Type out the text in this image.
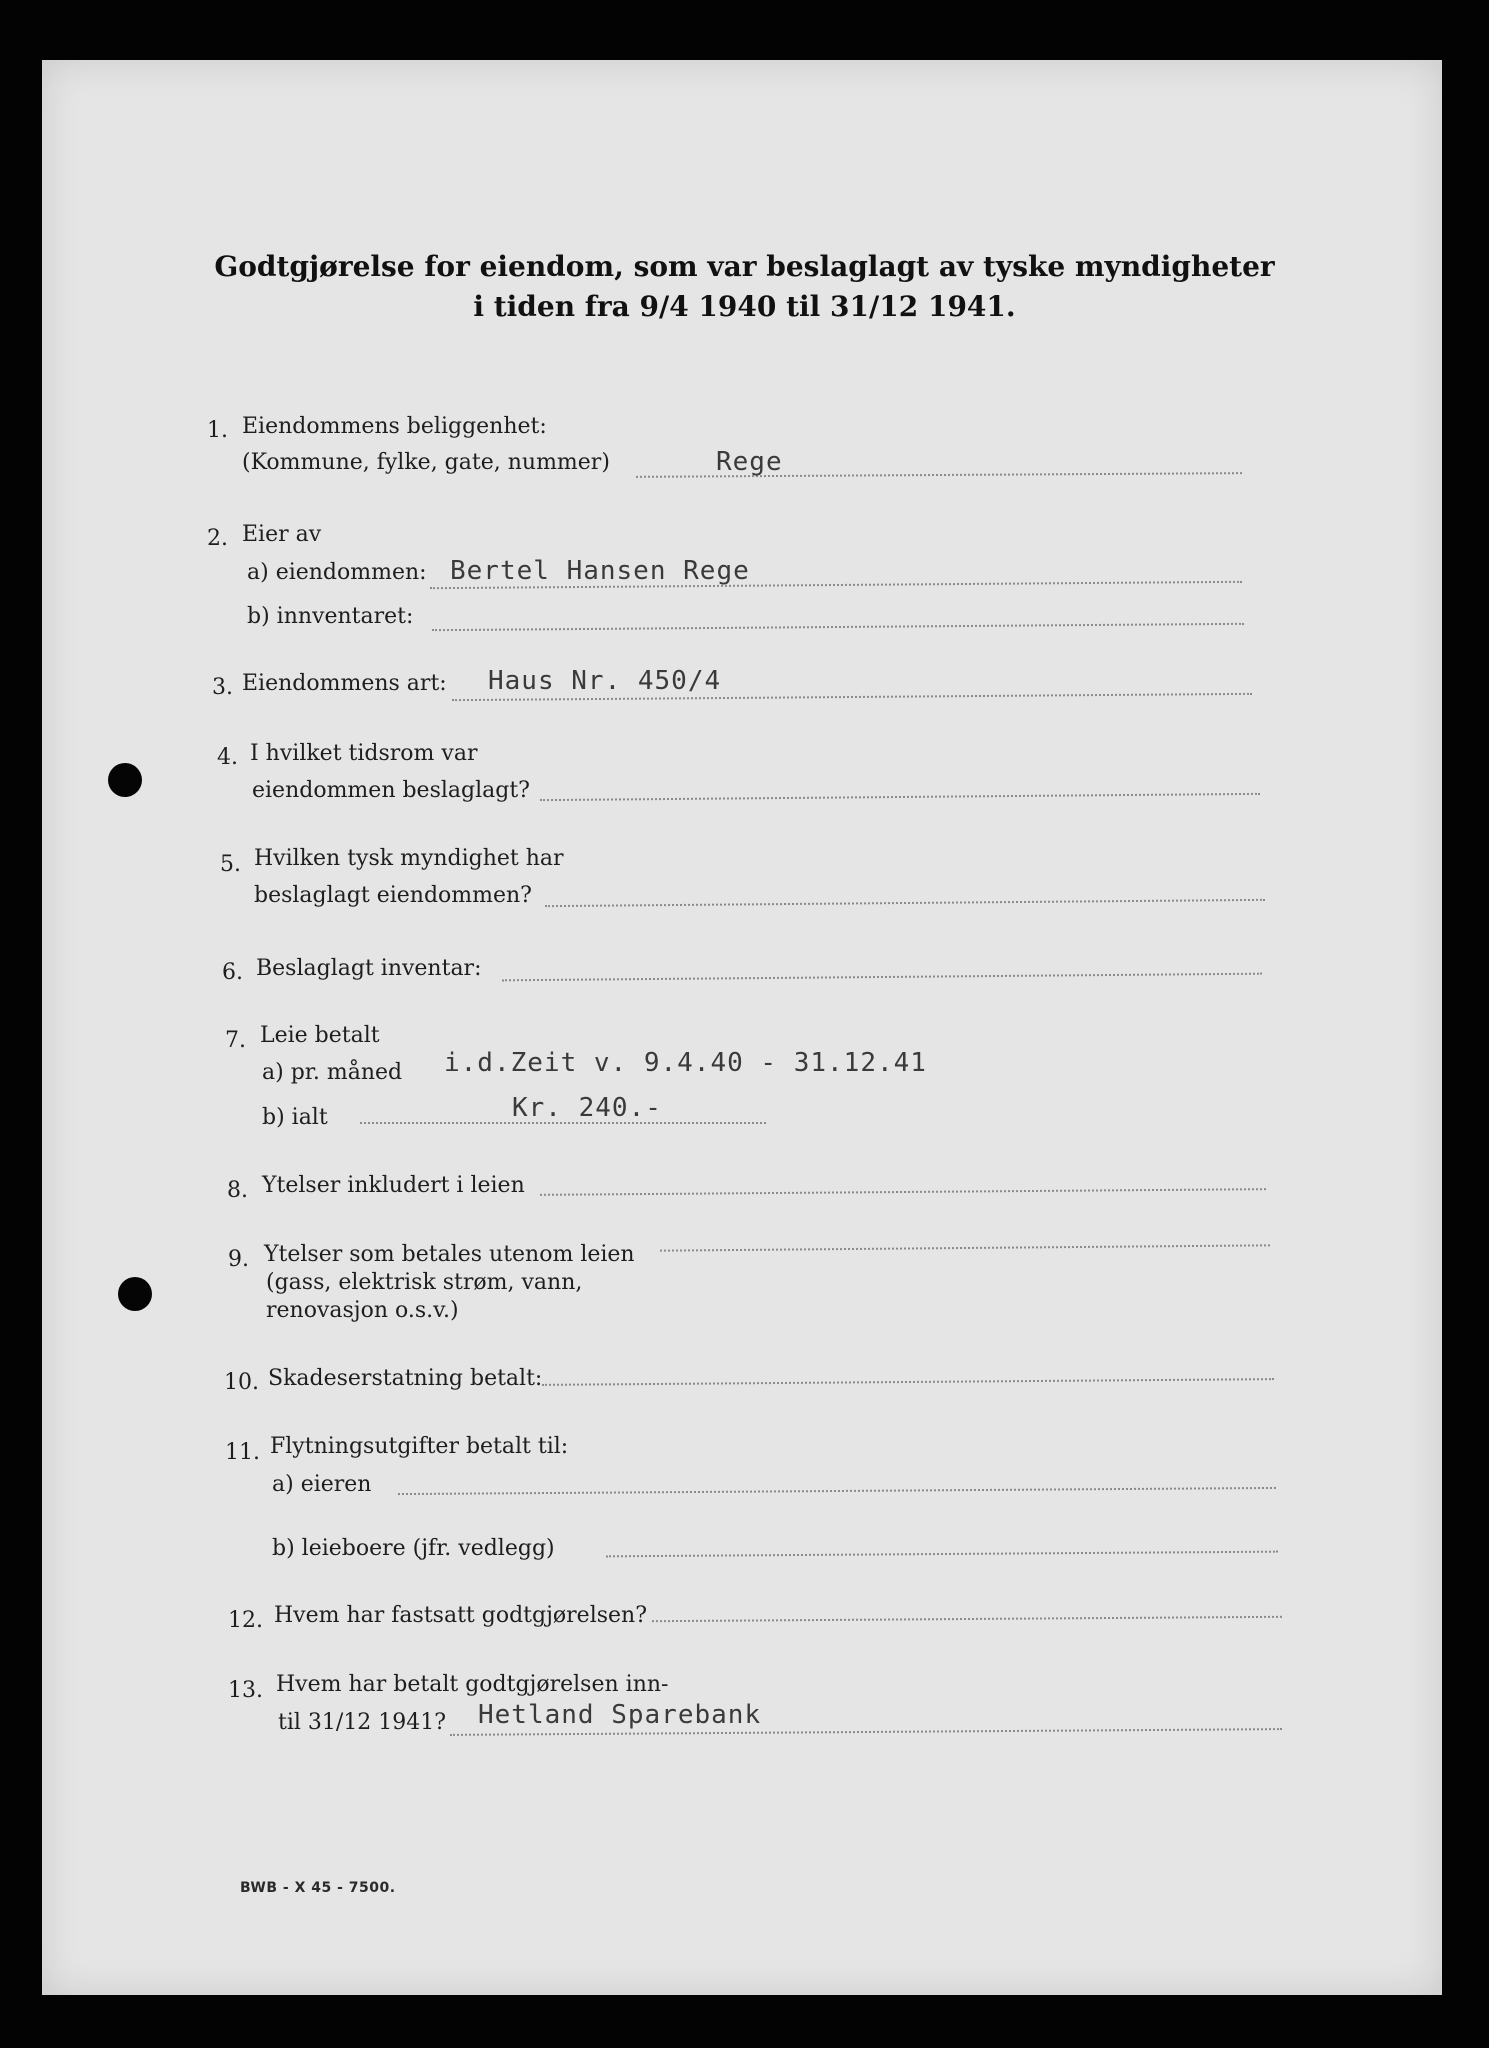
Godtgjørelse for eiendom, som var beslaglagt av tyske myndigheter
i tiden fra 9/4 1940 til 31/12 1941.
1. Eiendommens beliggenhet:
(Kommune, fylke, gate, nummer)	Rege
2. Eier av
a) eiendommen: Bertel Hansen Rege
b) innventaret:
3. Eiendommens art: Haus Nr. 450/4
4. I hvilket tidsrom var
eiendommen beslaglagt?
5. Hvilken tysk myndighet har
beslaglagt eiendommen?
6. Beslaglagt inventar:
7. Leie betalt
a) pr. måned i.d.Zeit v. 9.4.40 - 31.12.41
b) ialt	Kr. 240.-
8. Ytelser inkludert i leien
9. Ytelser som betales utenom leien
(gass, elektrisk strøm, vann,
renovasjon o.s.v.)
10. Skadeserstatning betalt:
11. Flytningsutgifter betalt til:
a) eieren
b) leieboere (jfr. vedlegg)
12. Hvem har fastsatt godtgjørelsen?
13. Hvem har betalt godtgjørelsen inn-
til 31/12 1941? Hetland Sparebank
BWB - X 45 - 7500.
